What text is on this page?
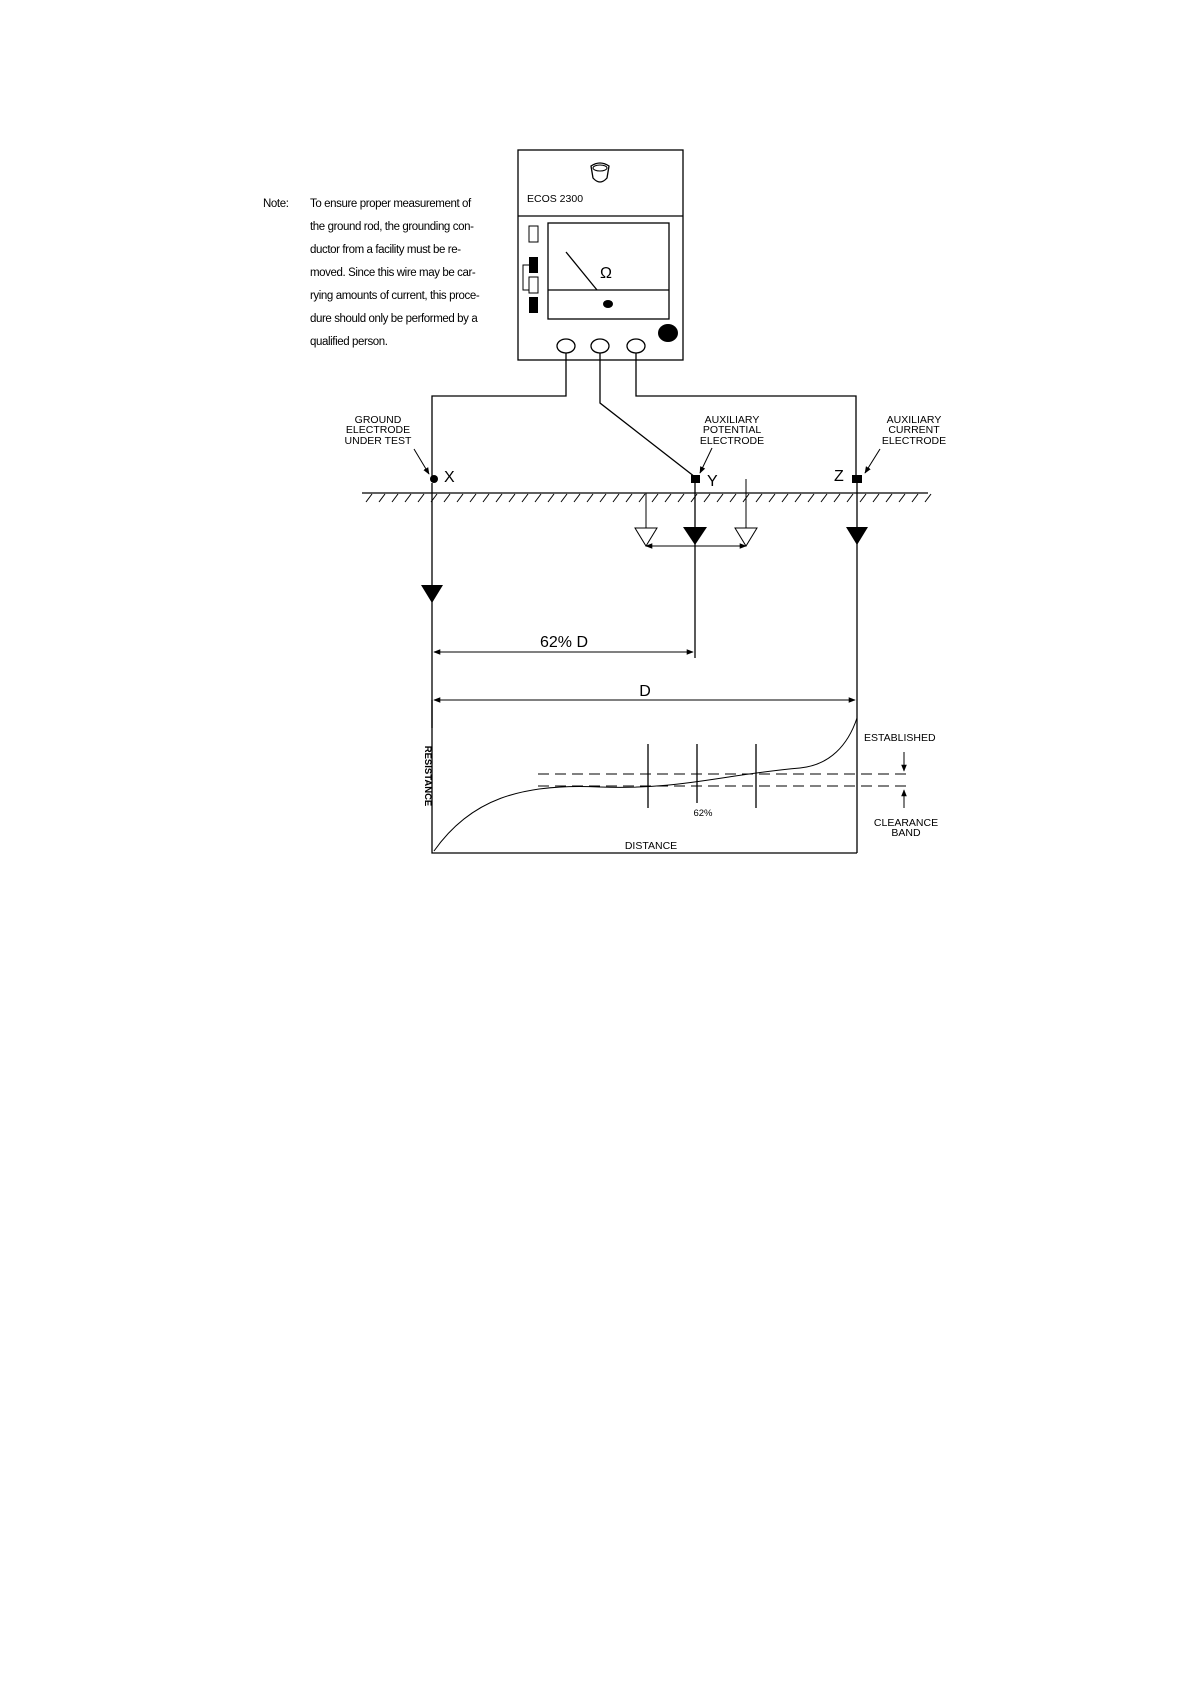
Note: To ensure proper measurement of
the ground rod, the grounding con-
ductor from a facility must be re-
moved. Since this wire may be car-
rying amounts of current, this proce-
dure should only be performed by a
qualified person.
ECOS 2300
Ω
GROUND
ELECTRODE
UNDER TEST
AUXILIARY
POTENTIAL
ELECTRODE
AUXILIARY
CURRENT
ELECTRODE
X	Y	Z
62% D
D
62%
RESISTANCE
DISTANCE
ESTABLISHED
CLEARANCE
BAND
